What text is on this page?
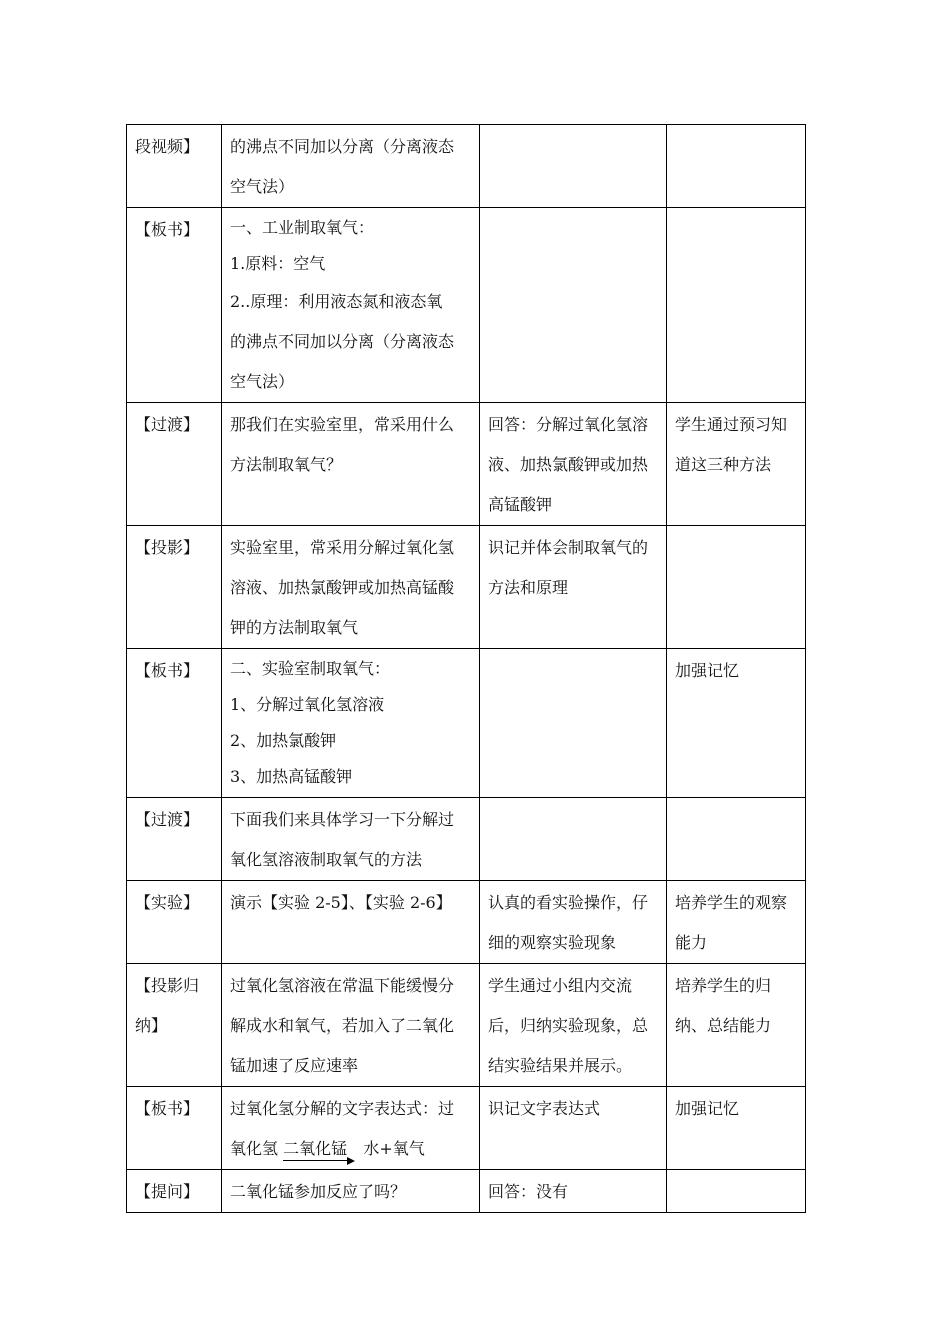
段视频】	的沸点不同加以分离（分离液态
空气法）		

【板书】	一、工业制取氧气：
1.原料：空气
2..原理：利用液态氮和液态氧
的沸点不同加以分离（分离液态
空气法）		

【过渡】	那我们在实验室里，常采用什么
方法制取氧气？	回答：分解过氧化氢溶
液、加热氯酸钾或加热
高锰酸钾	学生通过预习知
道这三种方法

【投影】	实验室里，常采用分解过氧化氢
溶液、加热氯酸钾或加热高锰酸
钾的方法制取氧气	识记并体会制取氧气的
方法和原理	

【板书】	二、实验室制取氧气：
1、分解过氧化氢溶液
2、加热氯酸钾
3、加热高锰酸钾		加强记忆

【过渡】	下面我们来具体学习一下分解过
氧化氢溶液制取氧气的方法		

【实验】	演示【实验 2-5】、【实验 2-6】	认真的看实验操作，仔
细的观察实验现象	培养学生的观察
能力

【投影归
纳】	过氧化氢溶液在常温下能缓慢分
解成水和氧气，若加入了二氧化
锰加速了反应速率	学生通过小组内交流
后，归纳实验现象，总
结实验结果并展示。	培养学生的归
纳、总结能力

【板书】	过氧化氢分解的文字表达式：过
氧化氢 二氧化锰 水+氧气	识记文字表达式	加强记忆

【提问】	二氧化锰参加反应了吗？	回答：没有	
